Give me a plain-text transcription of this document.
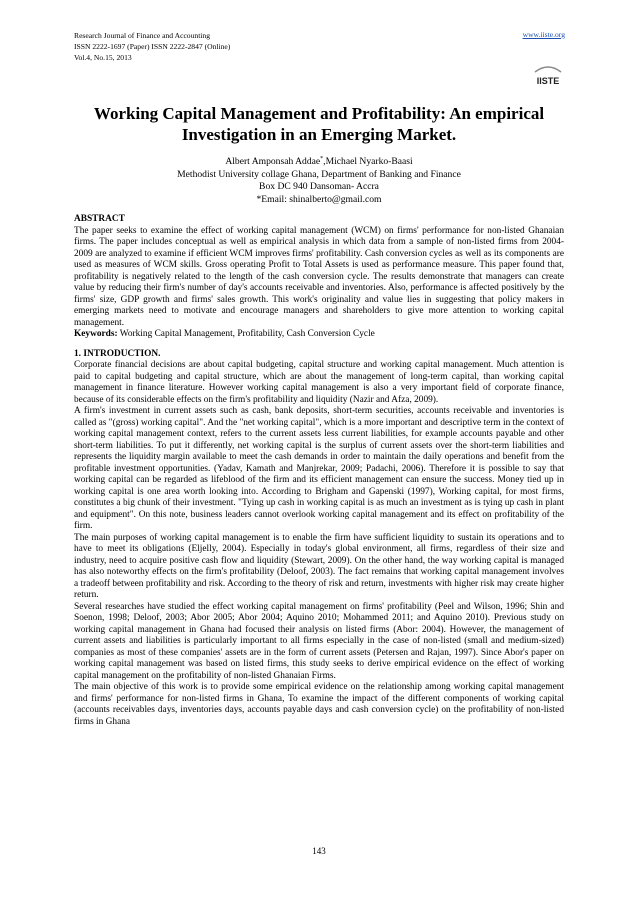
Research Journal of Finance and Accounting
ISSN 2222-1697 (Paper) ISSN 2222-2847 (Online)
Vol.4, No.15, 2013
www.iiste.org
IISTE
Working Capital Management and Profitability: An empirical Investigation in an Emerging Market.
Albert Amponsah Addae*,Michael Nyarko-Baasi
Methodist University collage Ghana, Department of Banking and Finance
Box DC 940 Dansoman- Accra
*Email: shinalberto@gmail.com

ABSTRACT

The paper seeks to examine the effect of working capital management (WCM) on firms' performance for non-listed Ghanaian firms. The paper includes conceptual as well as empirical analysis in which data from a sample of non-listed firms from 2004-2009 are analyzed to examine if efficient WCM improves firms' profitability. Cash conversion cycles as well as its components are used as measures of WCM skills. Gross operating Profit to Total Assets is used as performance measure. This paper found that, profitability is negatively related to the length of the cash conversion cycle. The results demonstrate that managers can create value by reducing their firm's number of day's accounts receivable and inventories. Also, performance is affected positively by the firms' size, GDP growth and firms' sales growth. This work's originality and value lies in suggesting that policy makers in emerging markets need to motivate and encourage managers and shareholders to give more attention to working capital management.

Keywords: Working Capital Management, Profitability, Cash Conversion Cycle

1. INTRODUCTION.

Corporate financial decisions are about capital budgeting, capital structure and working capital management. Much attention is paid to capital budgeting and capital structure, which are about the management of long-term capital, than working capital management in finance literature. However working capital management is also a very important field of corporate finance, because of its considerable effects on the firm's profitability and liquidity (Nazir and Afza, 2009).

A firm's investment in current assets such as cash, bank deposits, short-term securities, accounts receivable and inventories is called as "(gross) working capital". And the "net working capital", which is a more important and descriptive term in the context of working capital management context, refers to the current assets less current liabilities, for example accounts payable and other short-term liabilities. To put it differently, net working capital is the surplus of current assets over the short-term liabilities and represents the liquidity margin available to meet the cash demands in order to maintain the daily operations and benefit from the profitable investment opportunities. (Yadav, Kamath and Manjrekar, 2009; Padachi, 2006). Therefore it is possible to say that working capital can be regarded as lifeblood of the firm and its efficient management can ensure the success. Money tied up in working capital is one area worth looking into. According to Brigham and Gapenski (1997), Working capital, for most firms, constitutes a big chunk of their investment. "Tying up cash in working capital is as much an investment as is tying up cash in plant and equipment". On this note, business leaders cannot overlook working capital management and its effect on profitability of the firm.

The main purposes of working capital management is to enable the firm have sufficient liquidity to sustain its operations and to have to meet its obligations (Eljelly, 2004). Especially in today's global environment, all firms, regardless of their size and industry, need to acquire positive cash flow and liquidity (Stewart, 2009). On the other hand, the way working capital is managed has also noteworthy effects on the firm's profitability (Deloof, 2003). The fact remains that working capital management involves a tradeoff between profitability and risk. According to the theory of risk and return, investments with higher risk may create higher return.

Several researches have studied the effect working capital management on firms' profitability (Peel and Wilson, 1996; Shin and Soenon, 1998; Deloof, 2003; Abor 2005; Abor 2004; Aquino 2010; Mohammed 2011; and Aquino 2010). Previous study on working capital management in Ghana had focused their analysis on listed firms (Abor: 2004). However, the management of current assets and liabilities is particularly important to all firms especially in the case of non-listed (small and medium-sized) companies as most of these companies' assets are in the form of current assets (Petersen and Rajan, 1997). Since Abor's paper on working capital management was based on listed firms, this study seeks to derive empirical evidence on the effect of working capital management on the profitability of non-listed Ghanaian Firms.

The main objective of this work is to provide some empirical evidence on the relationship among working capital management and firms' performance for non-listed firms in Ghana, To examine the impact of the different components of working capital (accounts receivables days, inventories days, accounts payable days and cash conversion cycle) on the profitability of non-listed firms in Ghana

143
